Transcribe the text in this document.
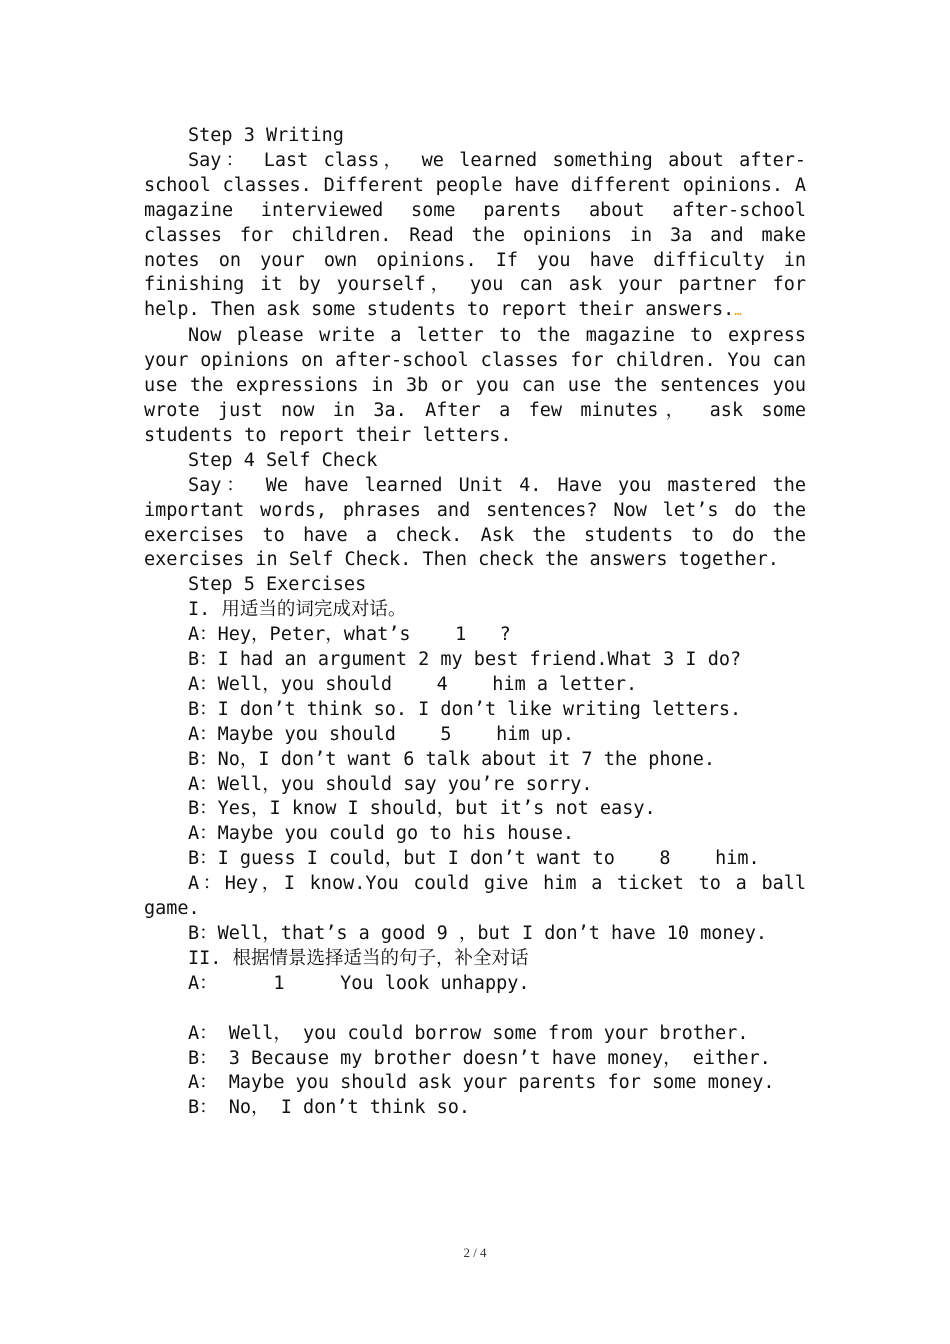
Step 3 Writing

Say： Last class， we learned something about after-school classes. Different people have different opinions. A magazine interviewed some parents about after-school classes for children. Read the opinions in 3a and make notes on your own opinions. If you have difficulty in finishing it by yourself， you can ask your partner for help. Then ask some students to report their answers.…

Now please write a letter to the magazine to express your opinions on after-school classes for children. You can use the expressions in 3b or you can use the sentences you wrote just now in 3a. After a few minutes， ask some students to report their letters.

Step 4 Self Check

Say： We have learned Unit 4. Have you mastered the important words, phrases and sentences? Now let’s do the exercises to have a check. Ask the students to do the exercises in Self Check. Then check the answers together.

Step 5 Exercises

I. 用适当的词完成对话。

A：Hey，Peter，what’s    1   ?

B：I had an argument 2 my best friend.What 3 I do?

A：Well，you should    4    him a letter.

B：I don’t think so. I don’t like writing letters.

A：Maybe you should    5    him up.

B：No，I don’t want 6 talk about it 7 the phone.

A：Well，you should say you’re sorry.

B：Yes，I know I should，but it’s not easy.

A：Maybe you could go to his house.

B：I guess I could，but I don’t want to    8    him.

A：Hey，I know.You could give him a ticket to a ball game.

B：Well，that’s a good 9 ，but I don’t have 10 money.

II. 根据情景选择适当的句子，补全对话

A：     1     You look unhappy.

A： Well， you could borrow some from your brother.

B： 3 Because my brother doesn’t have money， either.

A： Maybe you should ask your parents for some money.

B： No， I don’t think so.

2 / 4
